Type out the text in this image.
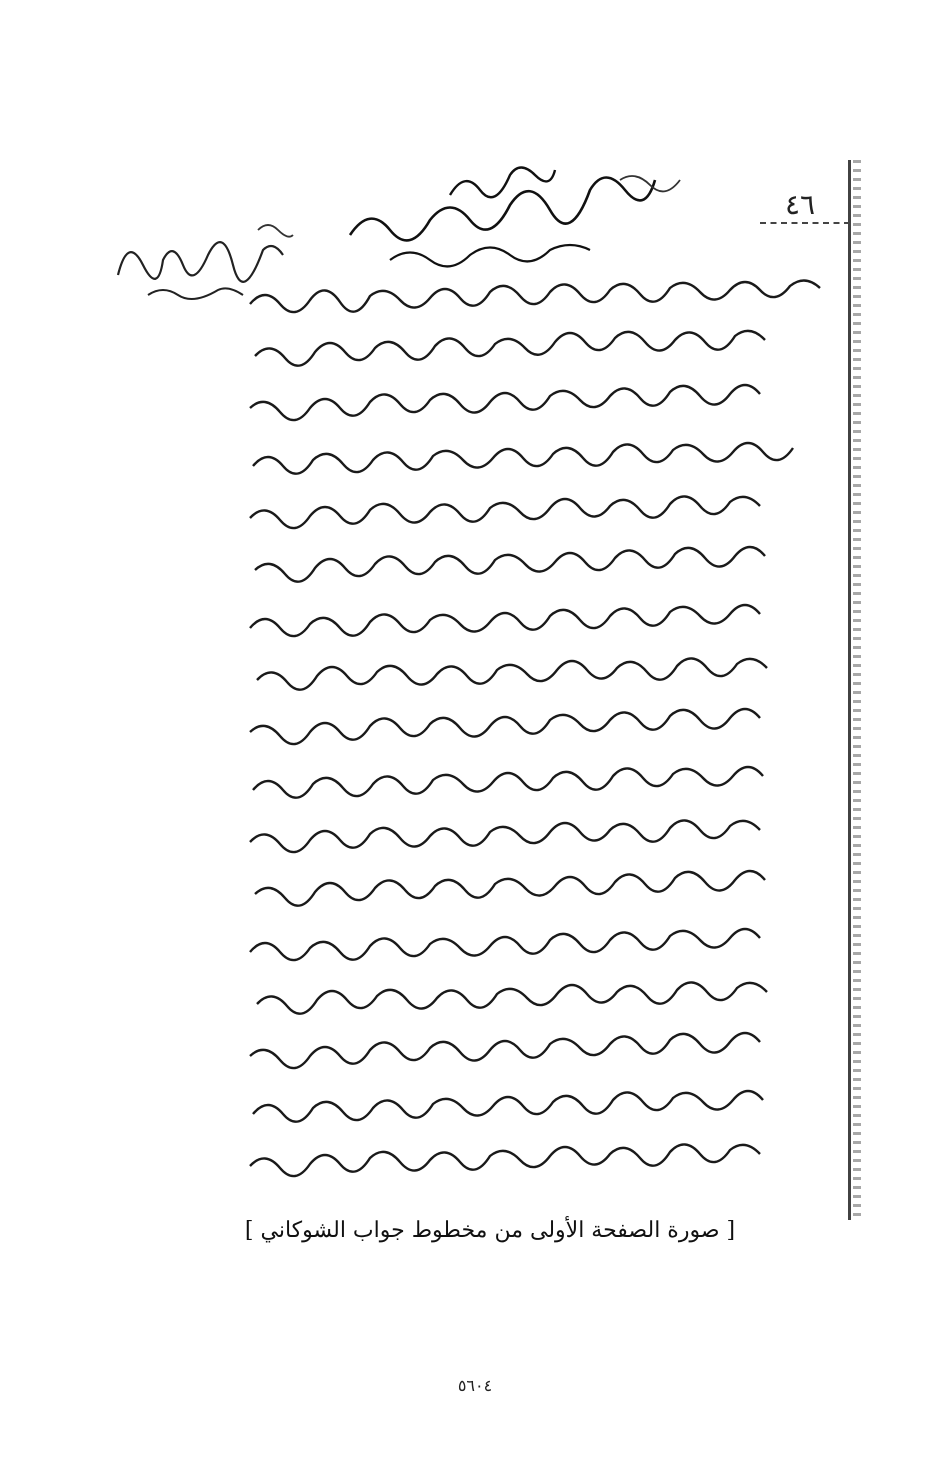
٤٦
[ صورة الصفحة الأولى من مخطوط جواب الشوكاني ]
٥٦٠٤
